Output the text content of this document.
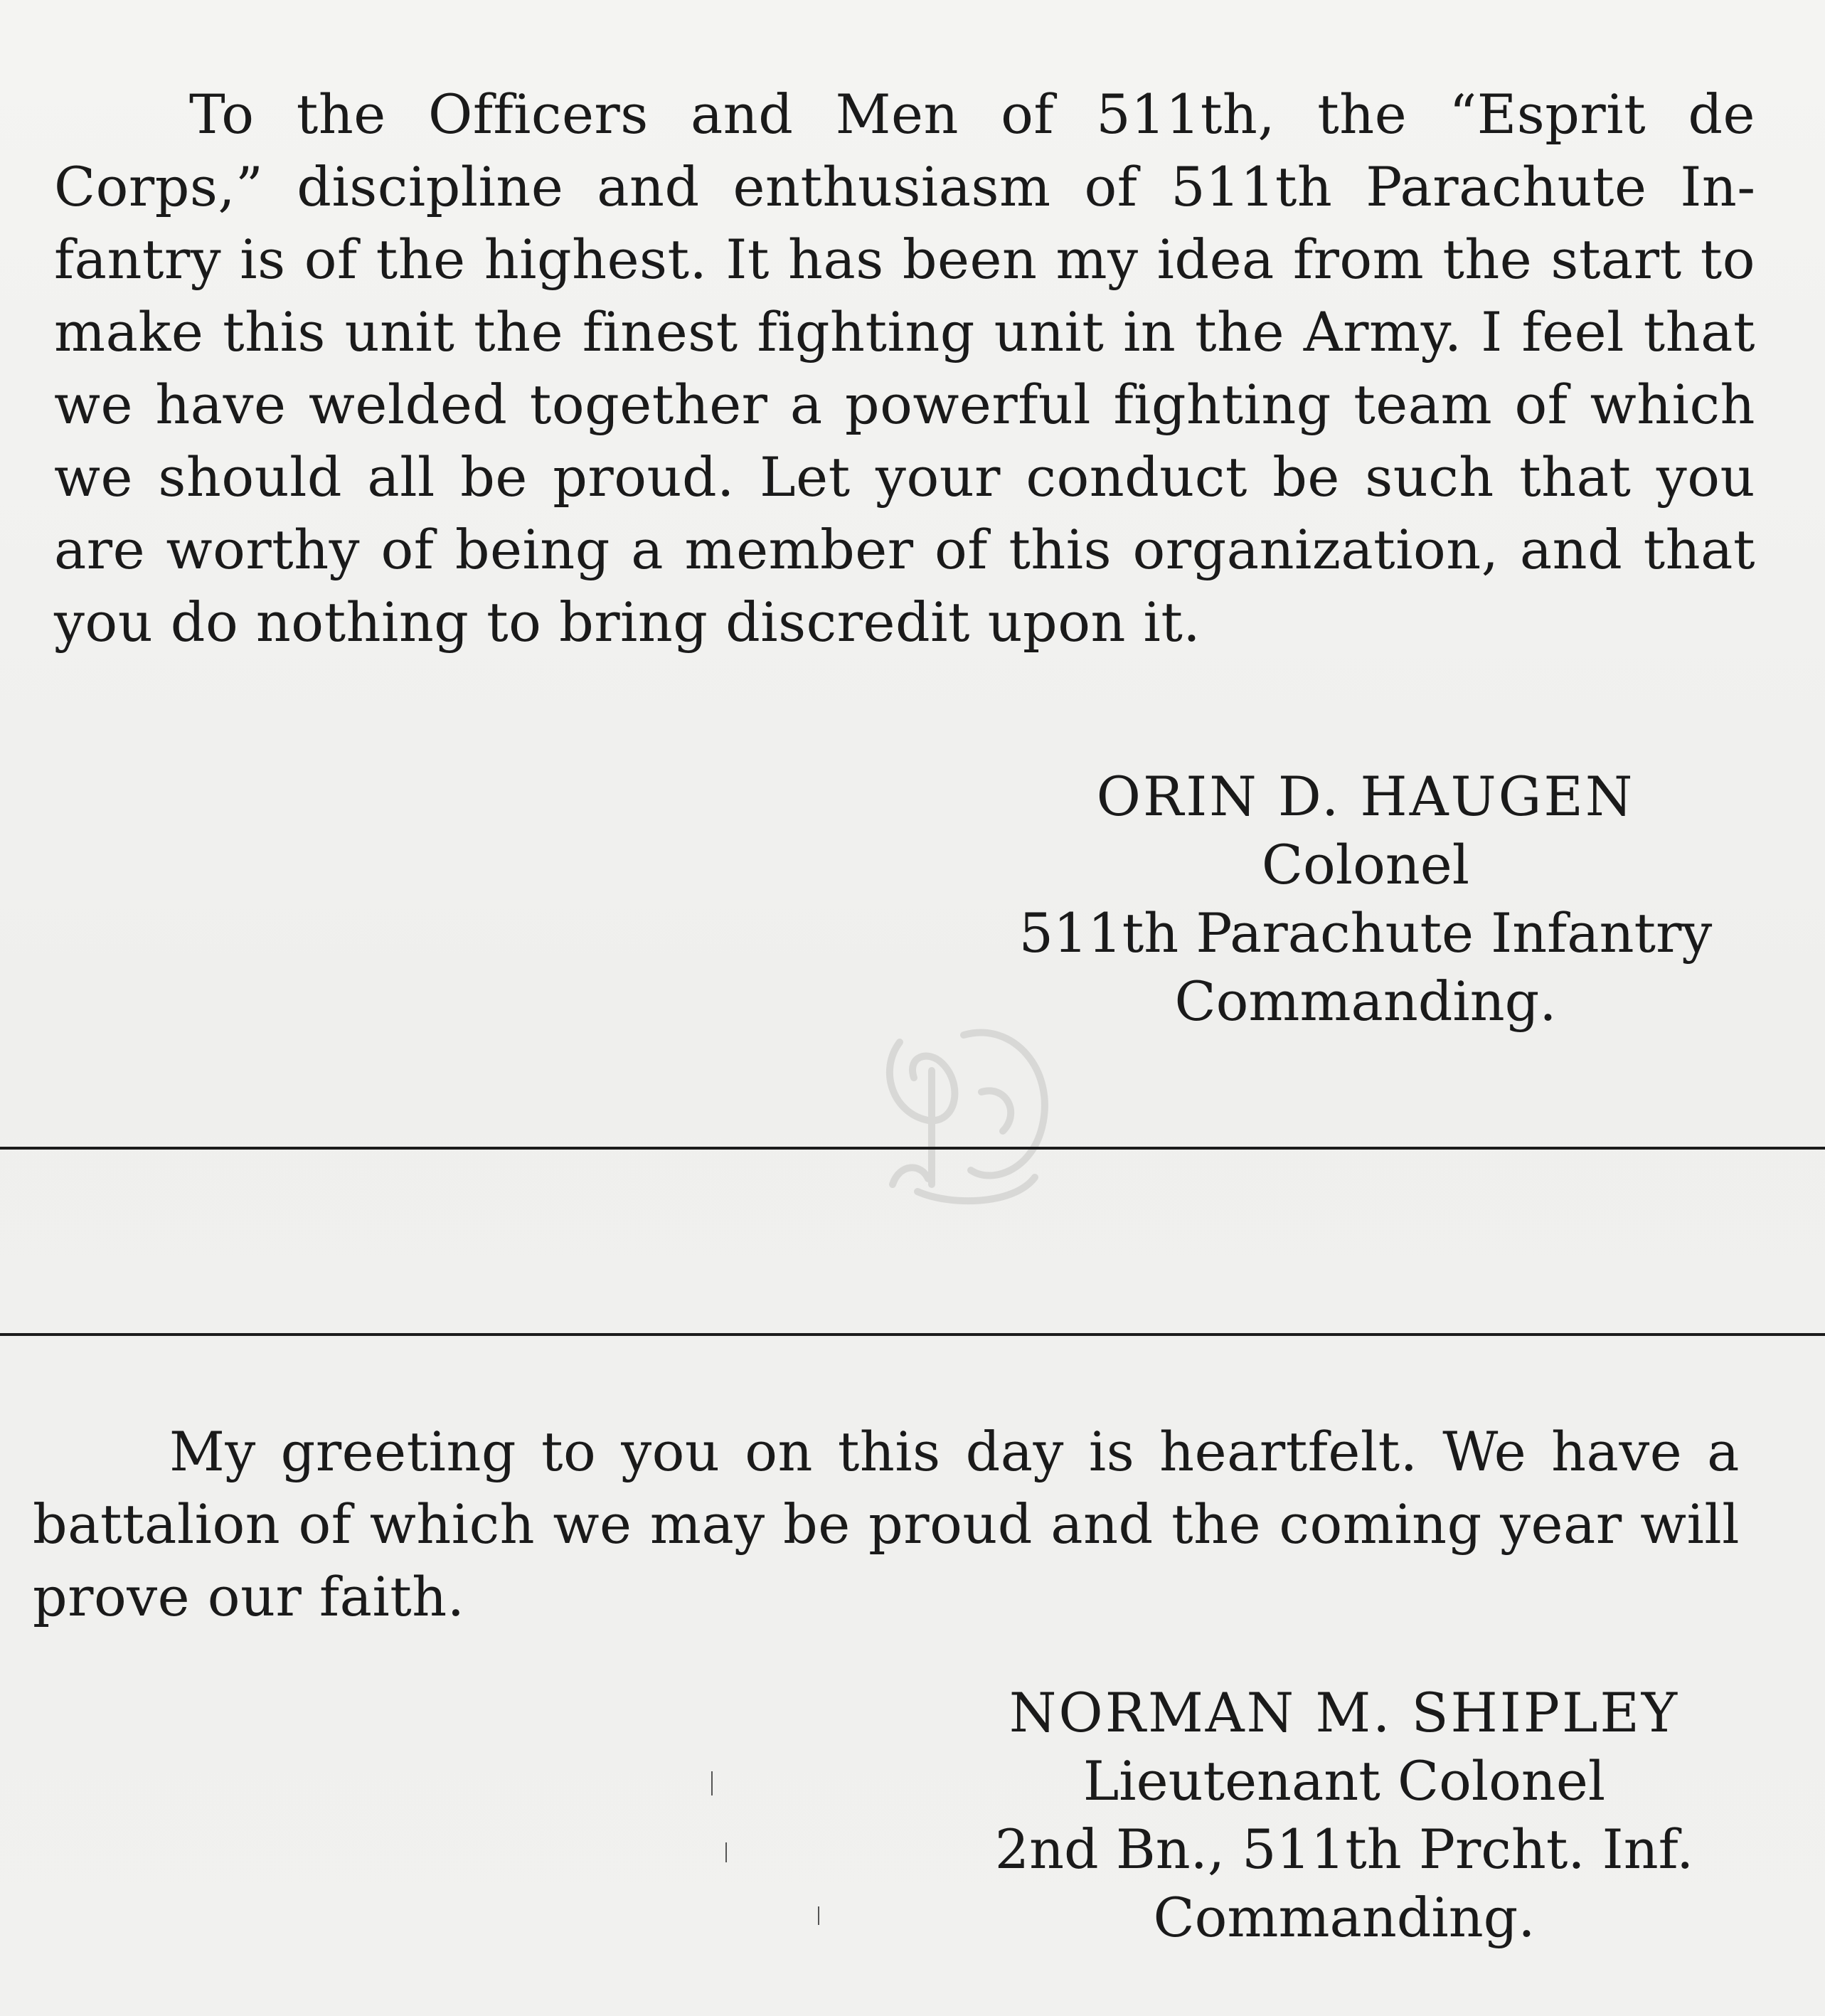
To the Officers and Men of 511th, the “Esprit de Corps,” discipline and enthusiasm of 511th Parachute Infantry is of the highest. It has been my idea from the start to make this unit the finest fighting unit in the Army. I feel that we have welded together a powerful fighting team of which we should all be proud. Let your conduct be such that you are worthy of being a member of this organization, and that you do nothing to bring discredit upon it.

ORIN D. HAUGEN
Colonel
511th Parachute Infantry
Commanding.

My greeting to you on this day is heartfelt. We have a battalion of which we may be proud and the coming year will prove our faith.

NORMAN M. SHIPLEY
Lieutenant Colonel
2nd Bn., 511th Prcht. Inf.
Commanding.
